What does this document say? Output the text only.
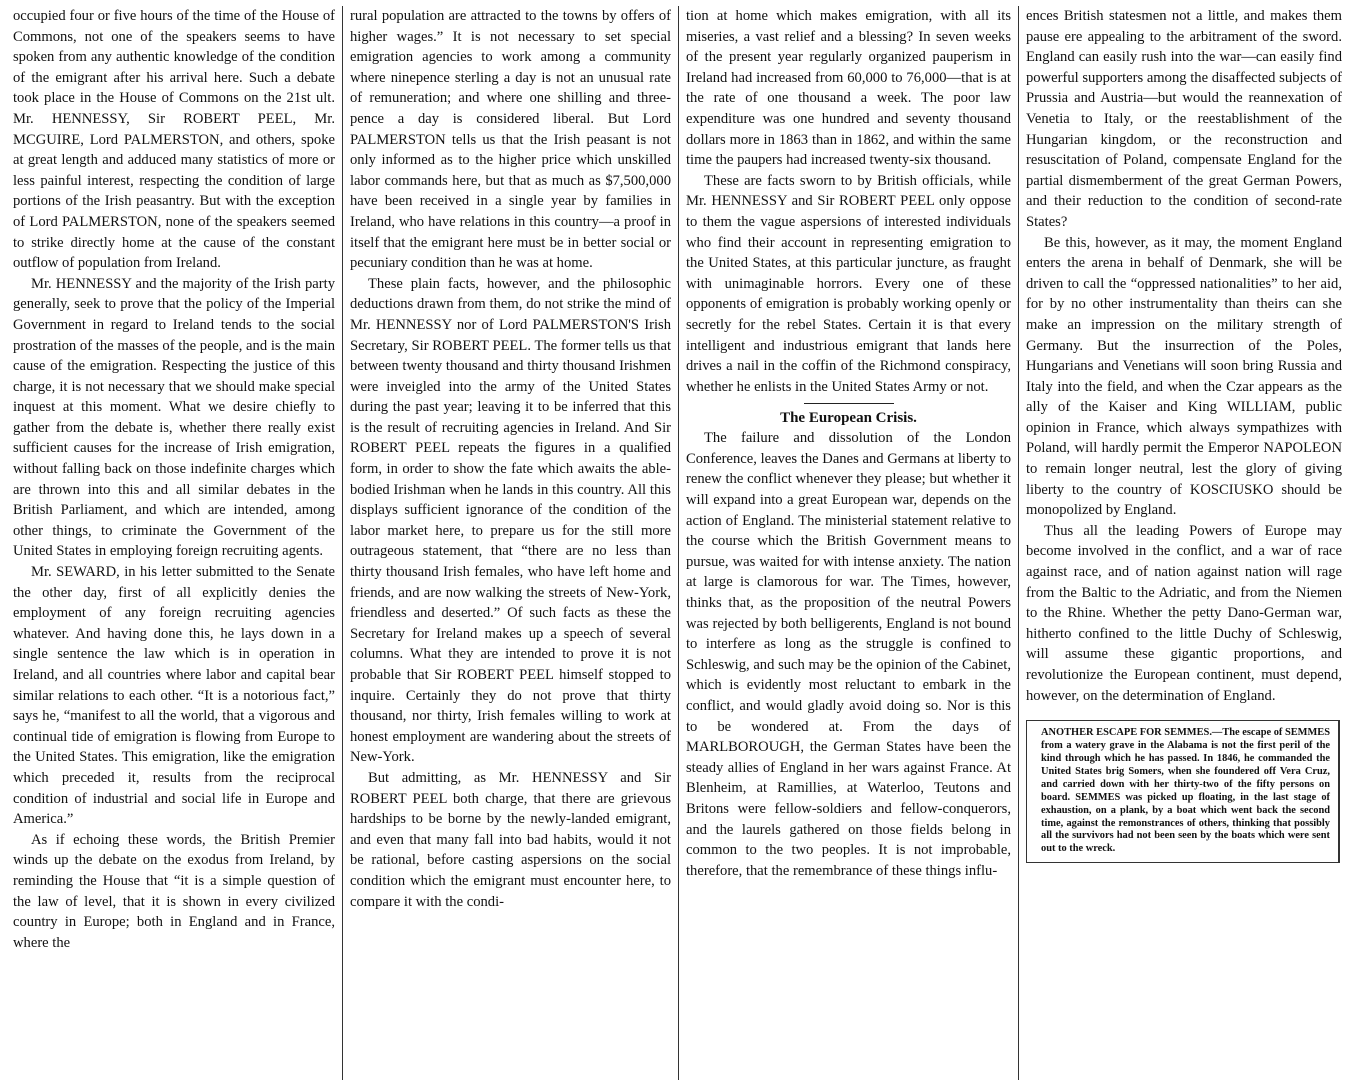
occupied four or five hours of the time of the House of Commons, not one of the speakers seems to have spoken from any authentic knowledge of the condition of the emigrant after his arrival here. Such a debate took place in the House of Commons on the 21st ult. Mr. HENNESSY, Sir ROBERT PEEL, Mr. MCGUIRE, Lord PALMERSTON, and others, spoke at great length and adduced many statistics of more or less painful interest, respecting the condition of large portions of the Irish peasantry. But with the exception of Lord PALMERSTON, none of the speakers seemed to strike directly home at the cause of the constant outflow of population from Ireland.

Mr. HENNESSY and the majority of the Irish party generally, seek to prove that the policy of the Imperial Government in regard to Ireland tends to the social prostration of the masses of the people, and is the main cause of the emigration. Respecting the justice of this charge, it is not necessary that we should make special inquest at this moment. What we desire chiefly to gather from the debate is, whether there really exist sufficient causes for the increase of Irish emigration, without falling back on those indefinite charges which are thrown into this and all similar debates in the British Parliament, and which are intended, among other things, to criminate the Government of the United States in employing foreign recruiting agents.

Mr. SEWARD, in his letter submitted to the Senate the other day, first of all explicitly denies the employment of any foreign recruiting agencies whatever. And having done this, he lays down in a single sentence the law which is in operation in Ireland, and all countries where labor and capital bear similar relations to each other. “It is a notorious fact,” says he, “manifest to all the world, that a vigorous and continual tide of emigration is flowing from Europe to the United States. This emigration, like the emigration which preceded it, results from the reciprocal condition of industrial and social life in Europe and America.”

As if echoing these words, the British Premier winds up the debate on the exodus from Ireland, by reminding the House that “it is a simple question of the law of level, that it is shown in every civilized country in Europe; both in England and in France, where the

rural population are attracted to the towns by offers of higher wages.” It is not necessary to set special emigration agencies to work among a community where ninepence sterling a day is not an unusual rate of remuneration; and where one shilling and three-pence a day is considered liberal. But Lord PALMERSTON tells us that the Irish peasant is not only informed as to the higher price which unskilled labor commands here, but that as much as $7,500,000 have been received in a single year by families in Ireland, who have relations in this country—a proof in itself that the emigrant here must be in better social or pecuniary condition than he was at home.

These plain facts, however, and the philosophic deductions drawn from them, do not strike the mind of Mr. HENNESSY nor of Lord PALMERSTON'S Irish Secretary, Sir ROBERT PEEL. The former tells us that between twenty thousand and thirty thousand Irishmen were inveigled into the army of the United States during the past year; leaving it to be inferred that this is the result of recruiting agencies in Ireland. And Sir ROBERT PEEL repeats the figures in a qualified form, in order to show the fate which awaits the able-bodied Irishman when he lands in this country. All this displays sufficient ignorance of the condition of the labor market here, to prepare us for the still more outrageous statement, that “there are no less than thirty thousand Irish females, who have left home and friends, and are now walking the streets of New-York, friendless and deserted.” Of such facts as these the Secretary for Ireland makes up a speech of several columns. What they are intended to prove it is not probable that Sir ROBERT PEEL himself stopped to inquire. Certainly they do not prove that thirty thousand, nor thirty, Irish females willing to work at honest employment are wandering about the streets of New-York.

But admitting, as Mr. HENNESSY and Sir ROBERT PEEL both charge, that there are grievous hardships to be borne by the newly-landed emigrant, and even that many fall into bad habits, would it not be rational, before casting aspersions on the social condition which the emigrant must encounter here, to compare it with the condi-

tion at home which makes emigration, with all its miseries, a vast relief and a blessing? In seven weeks of the present year regularly organized pauperism in Ireland had increased from 60,000 to 76,000—that is at the rate of one thousand a week. The poor law expenditure was one hundred and seventy thousand dollars more in 1863 than in 1862, and within the same time the paupers had increased twenty-six thousand.

These are facts sworn to by British officials, while Mr. HENNESSY and Sir ROBERT PEEL only oppose to them the vague aspersions of interested individuals who find their account in representing emigration to the United States, at this particular juncture, as fraught with unimaginable horrors. Every one of these opponents of emigration is probably working openly or secretly for the rebel States. Certain it is that every intelligent and industrious emigrant that lands here drives a nail in the coffin of the Richmond conspiracy, whether he enlists in the United States Army or not.

The European Crisis.

The failure and dissolution of the London Conference, leaves the Danes and Germans at liberty to renew the conflict whenever they please; but whether it will expand into a great European war, depends on the action of England. The ministerial statement relative to the course which the British Government means to pursue, was waited for with intense anxiety. The nation at large is clamorous for war. The Times, however, thinks that, as the proposition of the neutral Powers was rejected by both belligerents, England is not bound to interfere as long as the struggle is confined to Schleswig, and such may be the opinion of the Cabinet, which is evidently most reluctant to embark in the conflict, and would gladly avoid doing so. Nor is this to be wondered at. From the days of MARLBOROUGH, the German States have been the steady allies of England in her wars against France. At Blenheim, at Ramillies, at Waterloo, Teutons and Britons were fellow-soldiers and fellow-conquerors, and the laurels gathered on those fields belong in common to the two peoples. It is not improbable, therefore, that the remembrance of these things influ-

ences British statesmen not a little, and makes them pause ere appealing to the arbitrament of the sword. England can easily rush into the war—can easily find powerful supporters among the disaffected subjects of Prussia and Austria—but would the reannexation of Venetia to Italy, or the reestablishment of the Hungarian kingdom, or the reconstruction and resuscitation of Poland, compensate England for the partial dismemberment of the great German Powers, and their reduction to the condition of second-rate States?

Be this, however, as it may, the moment England enters the arena in behalf of Denmark, she will be driven to call the “oppressed nationalities” to her aid, for by no other instrumentality than theirs can she make an impression on the military strength of Germany. But the insurrection of the Poles, Hungarians and Venetians will soon bring Russia and Italy into the field, and when the Czar appears as the ally of the Kaiser and King WILLIAM, public opinion in France, which always sympathizes with Poland, will hardly permit the Emperor NAPOLEON to remain longer neutral, lest the glory of giving liberty to the country of KOSCIUSKO should be monopolized by England.

Thus all the leading Powers of Europe may become involved in the conflict, and a war of race against race, and of nation against nation will rage from the Baltic to the Adriatic, and from the Niemen to the Rhine. Whether the petty Dano-German war, hitherto confined to the little Duchy of Schleswig, will assume these gigantic proportions, and revolutionize the European continent, must depend, however, on the determination of England.

ANOTHER ESCAPE FOR SEMMES.—The escape of SEMMES from a watery grave in the Alabama is not the first peril of the kind through which he has passed. In 1846, he commanded the United States brig Somers, when she foundered off Vera Cruz, and carried down with her thirty-two of the fifty persons on board. SEMMES was picked up floating, in the last stage of exhaustion, on a plank, by a boat which went back the second time, against the remonstrances of others, thinking that possibly all the survivors had not been seen by the boats which were sent out to the wreck.
